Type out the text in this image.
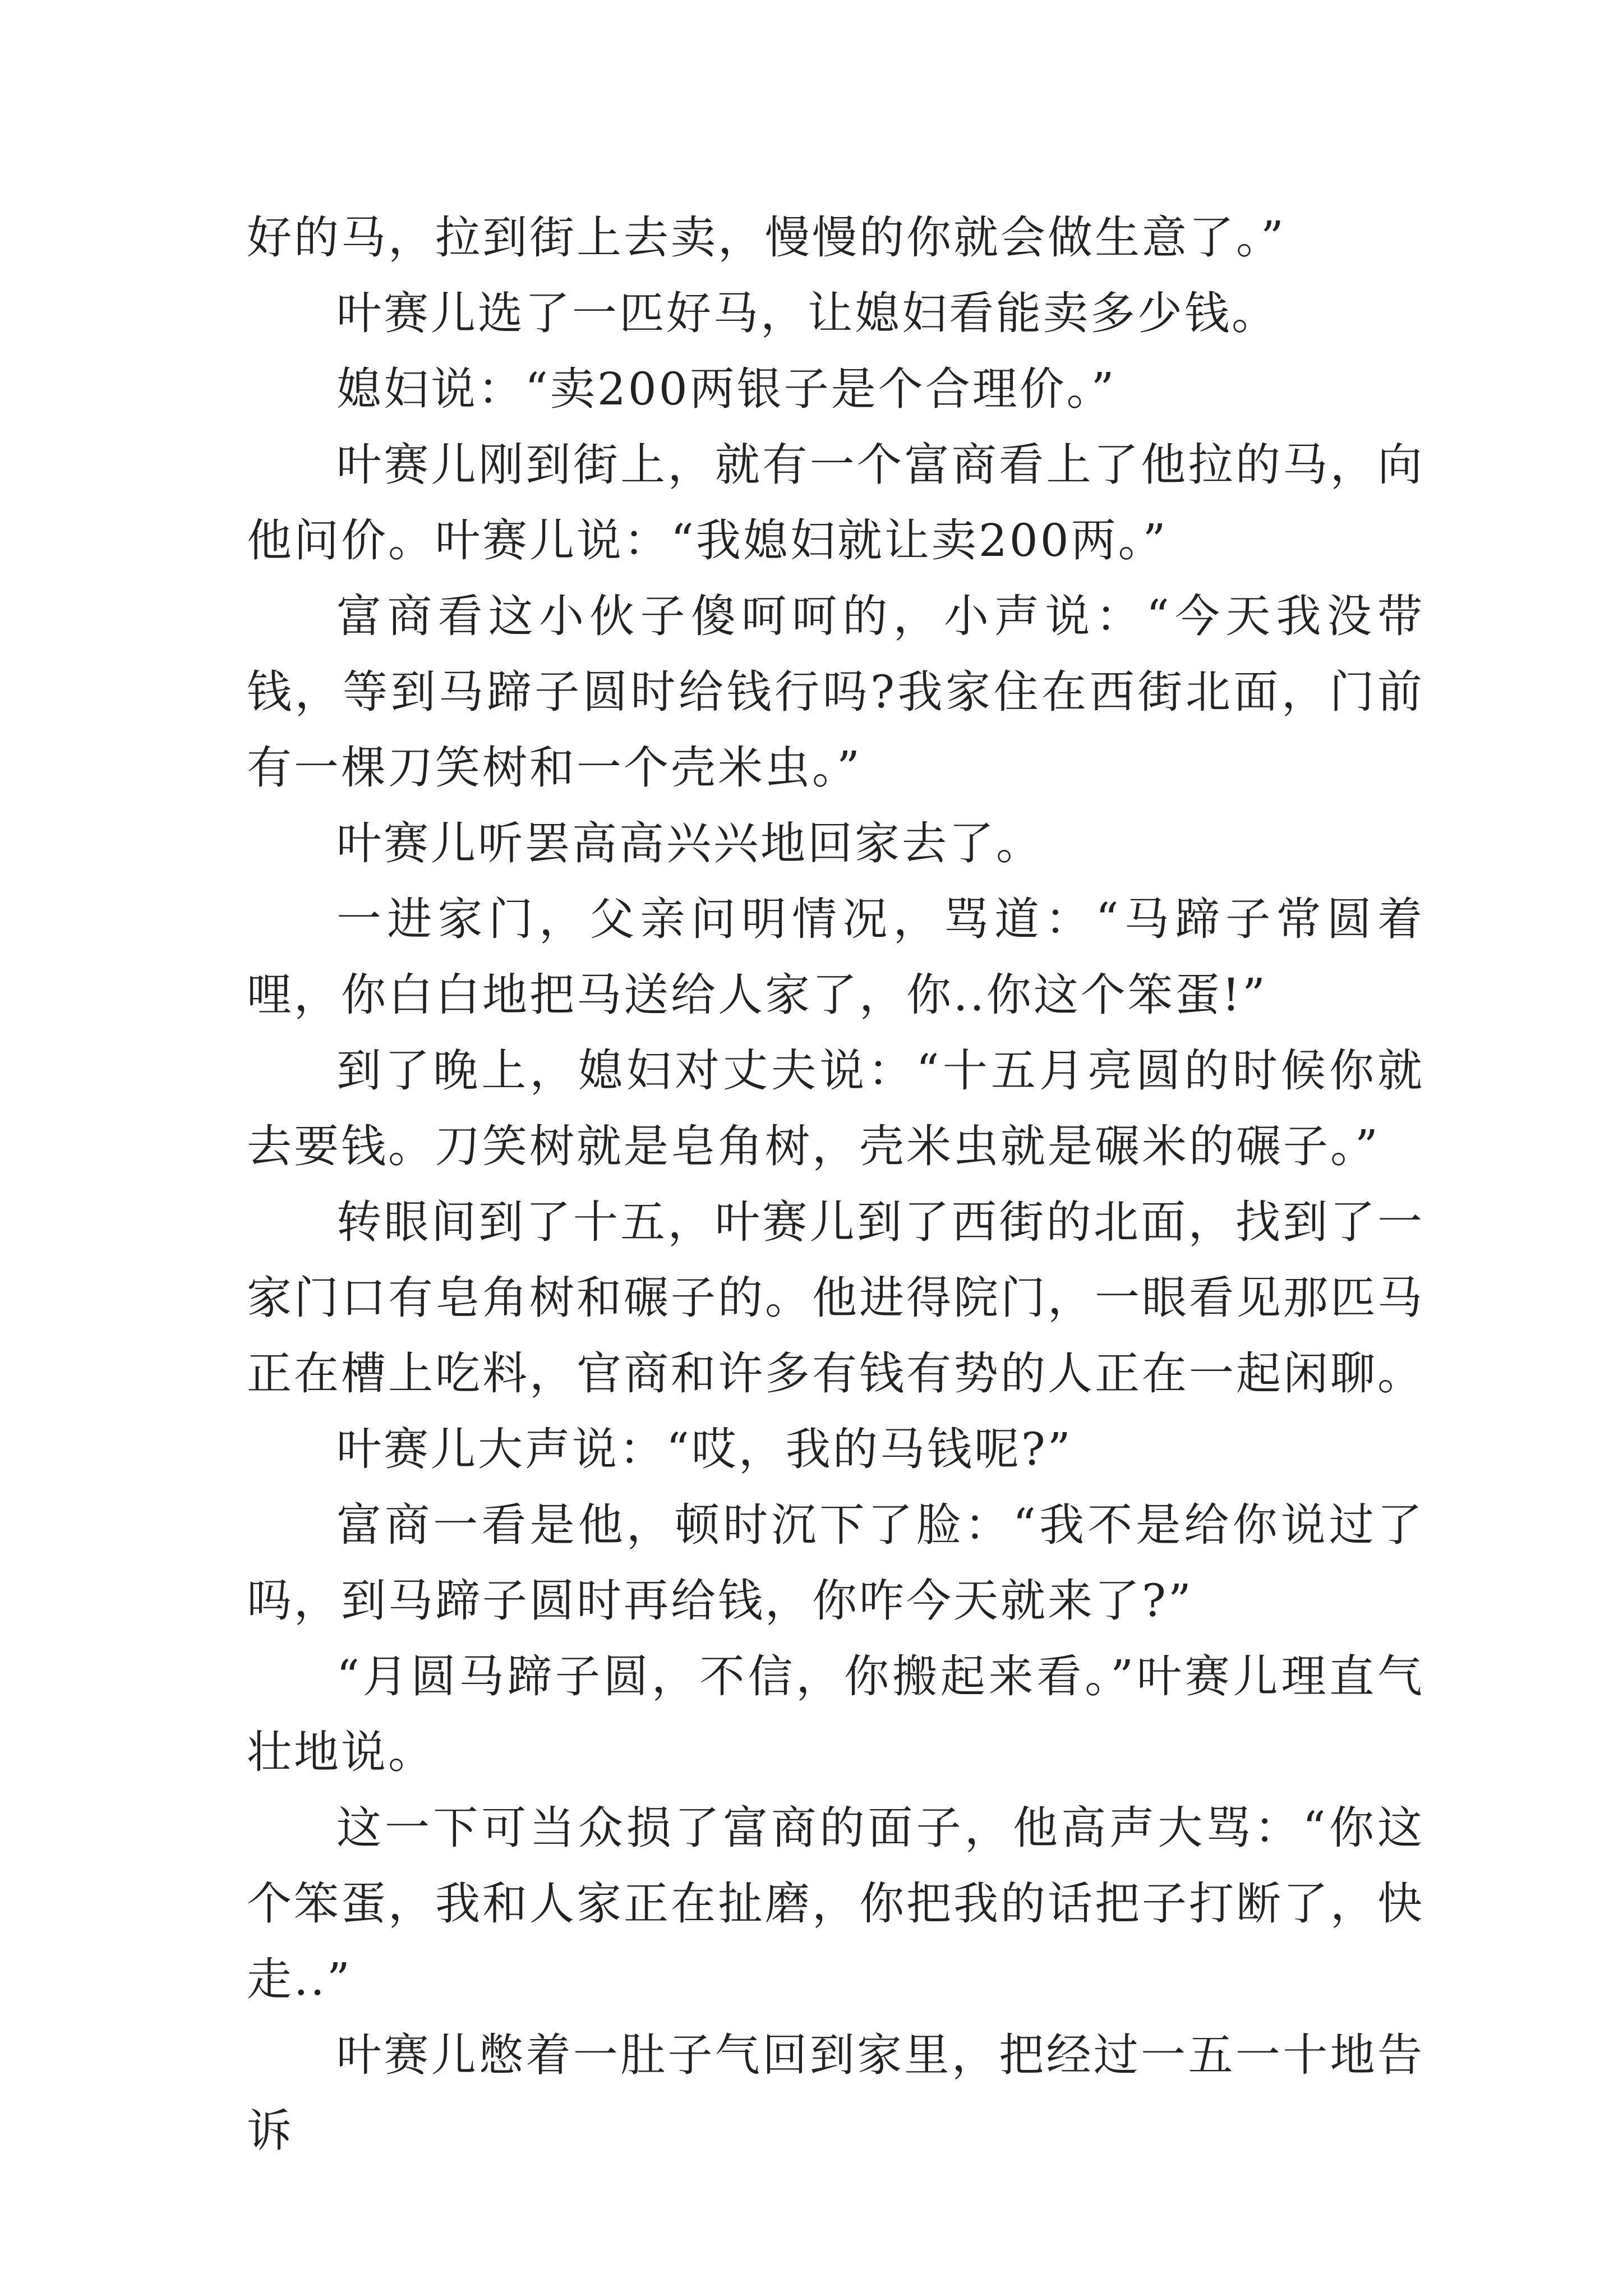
好的马，拉到街上去卖，慢慢的你就会做生意了。”

叶赛儿选了一匹好马，让媳妇看能卖多少钱。

媳妇说：“卖200两银子是个合理价。”

叶赛儿刚到街上，就有一个富商看上了他拉的马，向他问价。叶赛儿说：“我媳妇就让卖200两。”

富商看这小伙子傻呵呵的，小声说：“今天我没带钱，等到马蹄子圆时给钱行吗?我家住在西街北面，门前有一棵刀笑树和一个壳米虫。”

叶赛儿听罢高高兴兴地回家去了。

一进家门，父亲问明情况，骂道：“马蹄子常圆着哩，你白白地把马送给人家了，你..你这个笨蛋!”

到了晚上，媳妇对丈夫说：“十五月亮圆的时候你就去要钱。刀笑树就是皂角树，壳米虫就是碾米的碾子。”

转眼间到了十五，叶赛儿到了西街的北面，找到了一家门口有皂角树和碾子的。他进得院门，一眼看见那匹马正在槽上吃料，官商和许多有钱有势的人正在一起闲聊。

叶赛儿大声说：“哎，我的马钱呢?”

富商一看是他，顿时沉下了脸：“我不是给你说过了吗，到马蹄子圆时再给钱，你咋今天就来了?”

“月圆马蹄子圆，不信，你搬起来看。”叶赛儿理直气壮地说。

这一下可当众损了富商的面子，他高声大骂：“你这个笨蛋，我和人家正在扯磨，你把我的话把子打断了，快走..”

叶赛儿憋着一肚子气回到家里，把经过一五一十地告诉
